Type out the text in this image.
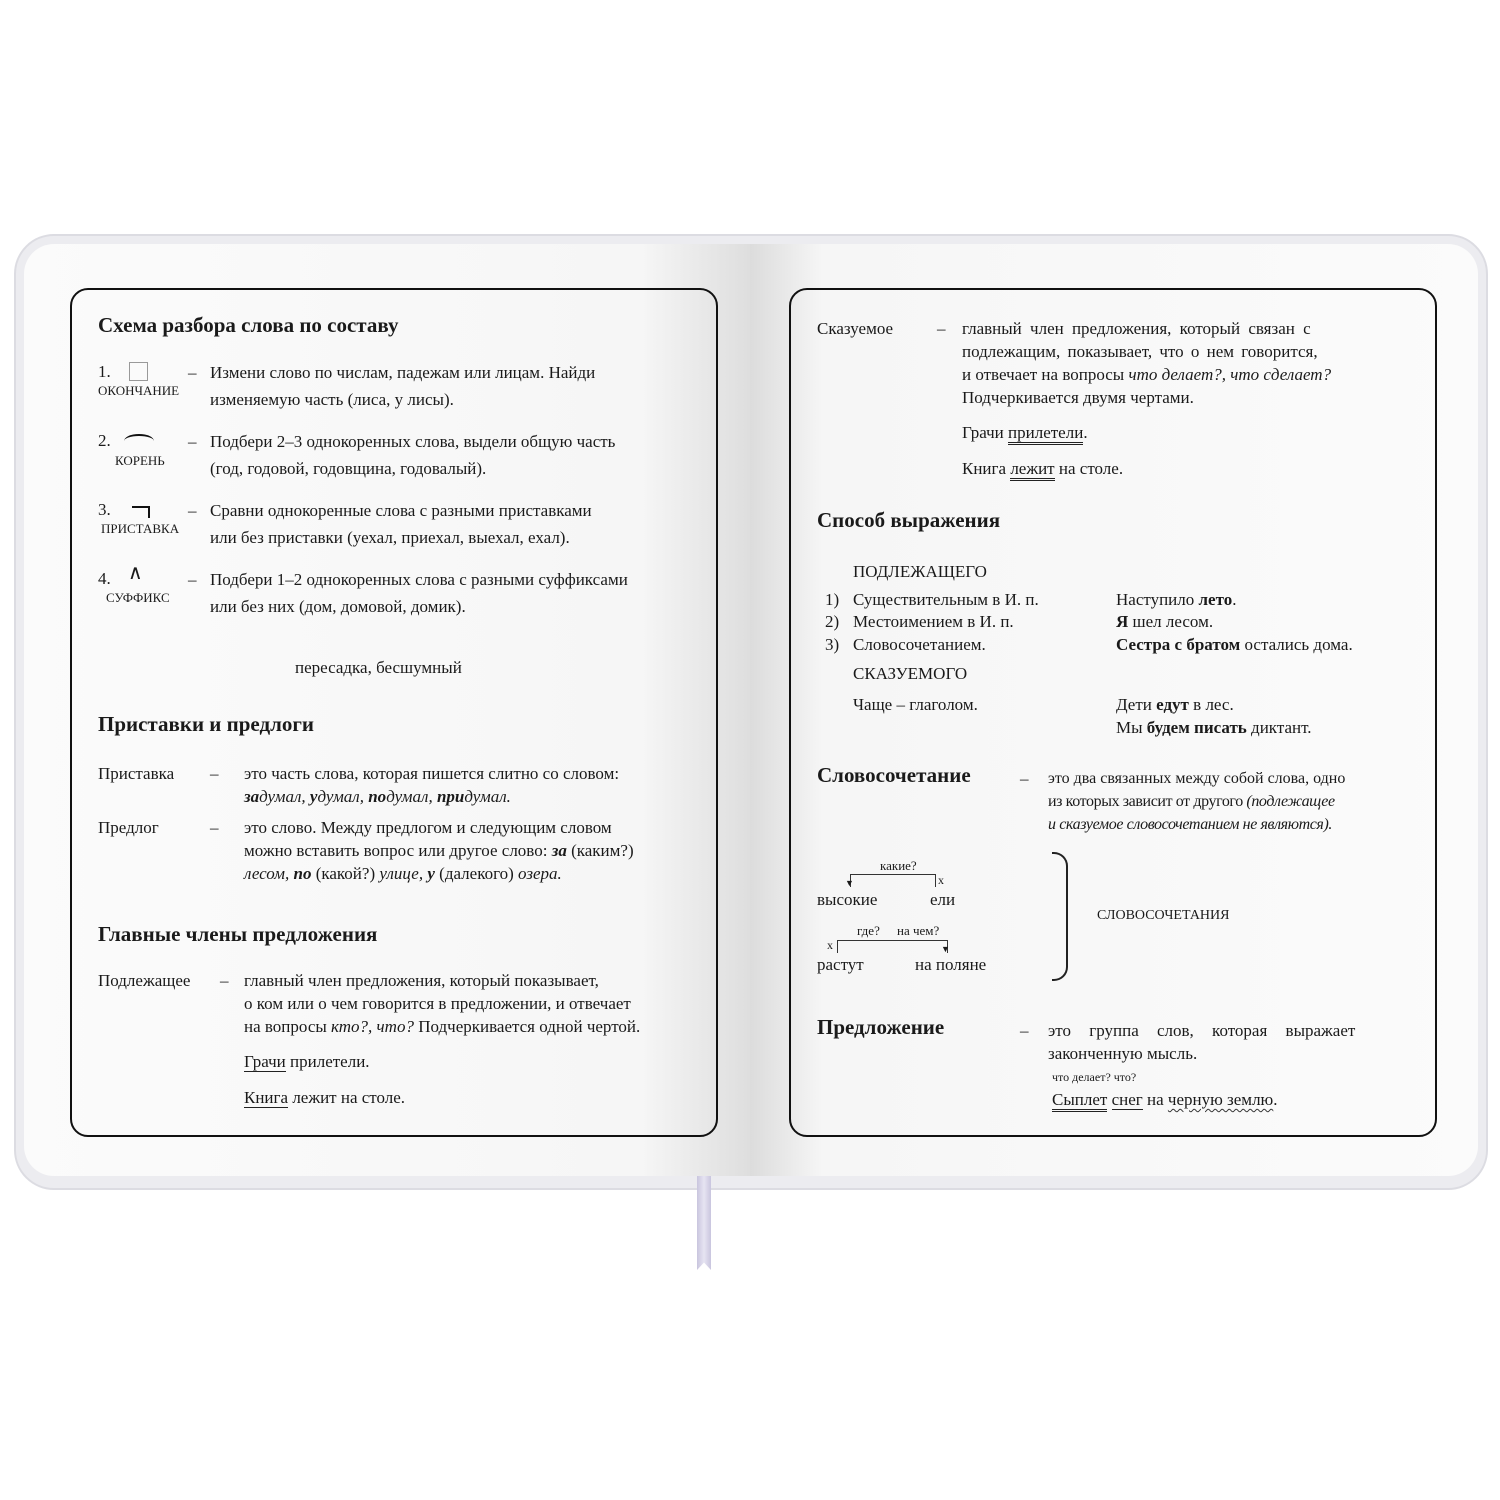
Схема разбора слова по составу
1.
ОКОНЧАНИЕ
– Измени слово по числам, падежам или лицам. Найди
изменяемую часть (лиса, у лисы).
2.
КОРЕНЬ
– Подбери 2–3 однокоренных слова, выдели общую часть
(год, годовой, годовщина, годовалый).
3.
ПРИСТАВКА
– Сравни однокоренные слова с разными приставками
или без приставки (уехал, приехал, выехал, ехал).
4. ∧
СУФФИКС
– Подбери 1–2 однокоренных слова с разными суффиксами
или без них (дом, домовой, домик).
пересадка, бесшумный
Приставки и предлоги
Приставка – это часть слова, которая пишется слитно со словом:
задумал, удумал, подумал, придумал.
Предлог	– это слово. Между предлогом и следующим словом
можно вставить вопрос или другое слово: за (каким?)
лесом, по (какой?) улице, у (далекого) озера.
Главные члены предложения
Подлежащее – главный член предложения, который показывает,
о ком или о чем говорится в предложении, и отвечает
на вопросы кто?, что? Подчеркивается одной чертой.
Грачи прилетели.
Книга лежит на столе.
Сказуемое	– главный член предложения, который связан с
подлежащим, показывает, что о нем говорится,
и отвечает на вопросы что делает?, что сделает?
Подчеркивается двумя чертами.
Грачи прилетели.
Книга лежит на столе.
Способ выражения
ПОДЛЕЖАЩЕГО
1) Существительным в И. п.	Наступило лето.
2) Местоимением в И. п.	Я шел лесом.
3) Словосочетанием.	Сестра с братом остались дома.
СКАЗУЕМОГО
Чаще – глаголом.	Дети едут в лес.
Мы будем писать диктант.
Словосочетание	– это два связанных между собой слова, одно
из которых зависит от другого (подлежащее
и сказуемое словосочетанием не являются).
какие?
▼	х
высокие	ели
где? на чем?
▼
х
растут	на поляне
СЛОВОСОЧЕТАНИЯ
Предложение	– это группа слов, которая выражает
законченную мысль.
что делает? что?
Сыплет снег на черную землю.
